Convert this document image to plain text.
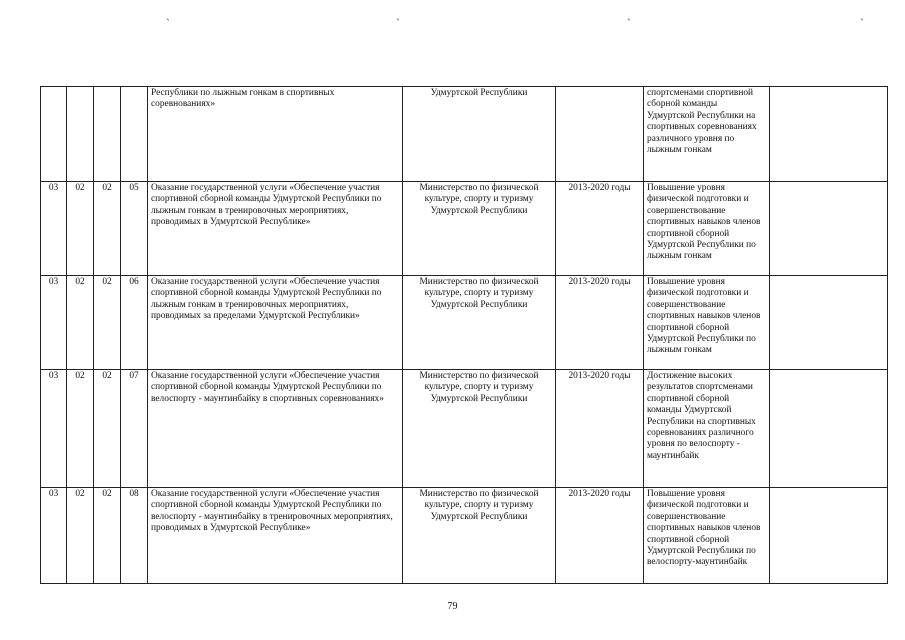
`	`	`	`
				Республики по лыжным гонкам в спортивных соревнованиях»	Удмуртской Республики		спортсменами спортивной сборной команды Удмуртской Республики на спортивных соревнованиях различного уровня по лыжным гонкам	
03	02	02	05	Оказание государственной услуги «Обеспечение участия спортивной сборной команды Удмуртской Республики по лыжным гонкам в тренировочных мероприятиях, проводимых в Удмуртской Республике»	Министерство по физической культуре, спорту и туризму Удмуртской Республики	2013-2020 годы	Повышение уровня физической подготовки и совершенствование спортивных навыков членов спортивной сборной Удмуртской Республики по лыжным гонкам	
03	02	02	06	Оказание государственной услуги «Обеспечение участия спортивной сборной команды Удмуртской Республики по лыжным гонкам в тренировочных мероприятиях, проводимых за пределами Удмуртской Республики»	Министерство по физической культуре, спорту и туризму Удмуртской Республики	2013-2020 годы	Повышение уровня физической подготовки и совершенствование спортивных навыков членов спортивной сборной Удмуртской Республики по лыжным гонкам	
03	02	02	07	Оказание государственной услуги «Обеспечение участия спортивной сборной команды Удмуртской Республики по велоспорту - маунтинбайку в спортивных соревнованиях»	Министерство по физической культуре, спорту и туризму Удмуртской Республики	2013-2020 годы	Достижение высоких результатов спортсменами спортивной сборной команды Удмуртской Республики на спортивных соревнованиях различного уровня по велоспорту - маунтинбайк	
03	02	02	08	Оказание государственной услуги «Обеспечение участия спортивной сборной команды Удмуртской Республики по велоспорту - маунтинбайку в тренировочных мероприятиях, проводимых в Удмуртской Республике»	Министерство по физической культуре, спорту и туризму Удмуртской Республики	2013-2020 годы	Повышение уровня физической подготовки и совершенствование спортивных навыков членов спортивной сборной Удмуртской Республики по велоспорту-маунтинбайк	
79
